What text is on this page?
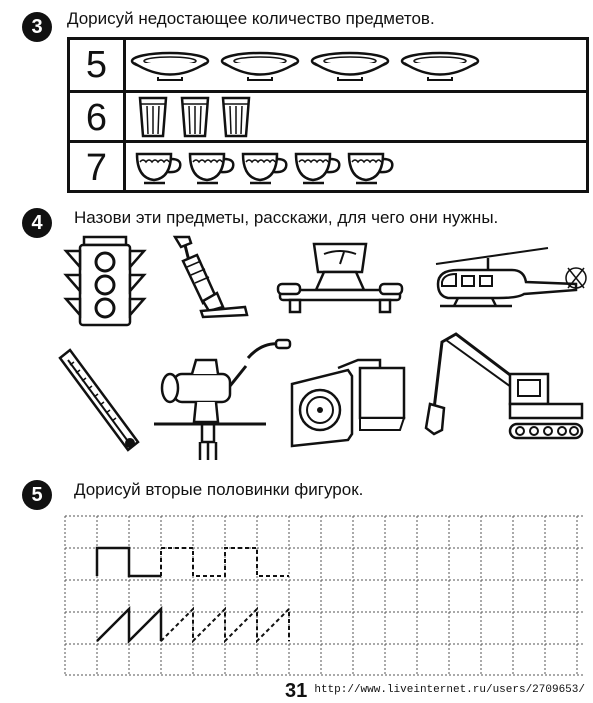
3	Дорисуй недостающее количество предметов.
5
6
7
4	Назови эти предметы, расскажи, для чего они нужны.
5	Дорисуй вторые половинки фигурок.
31 http://www.liveinternet.ru/users/2709653/
